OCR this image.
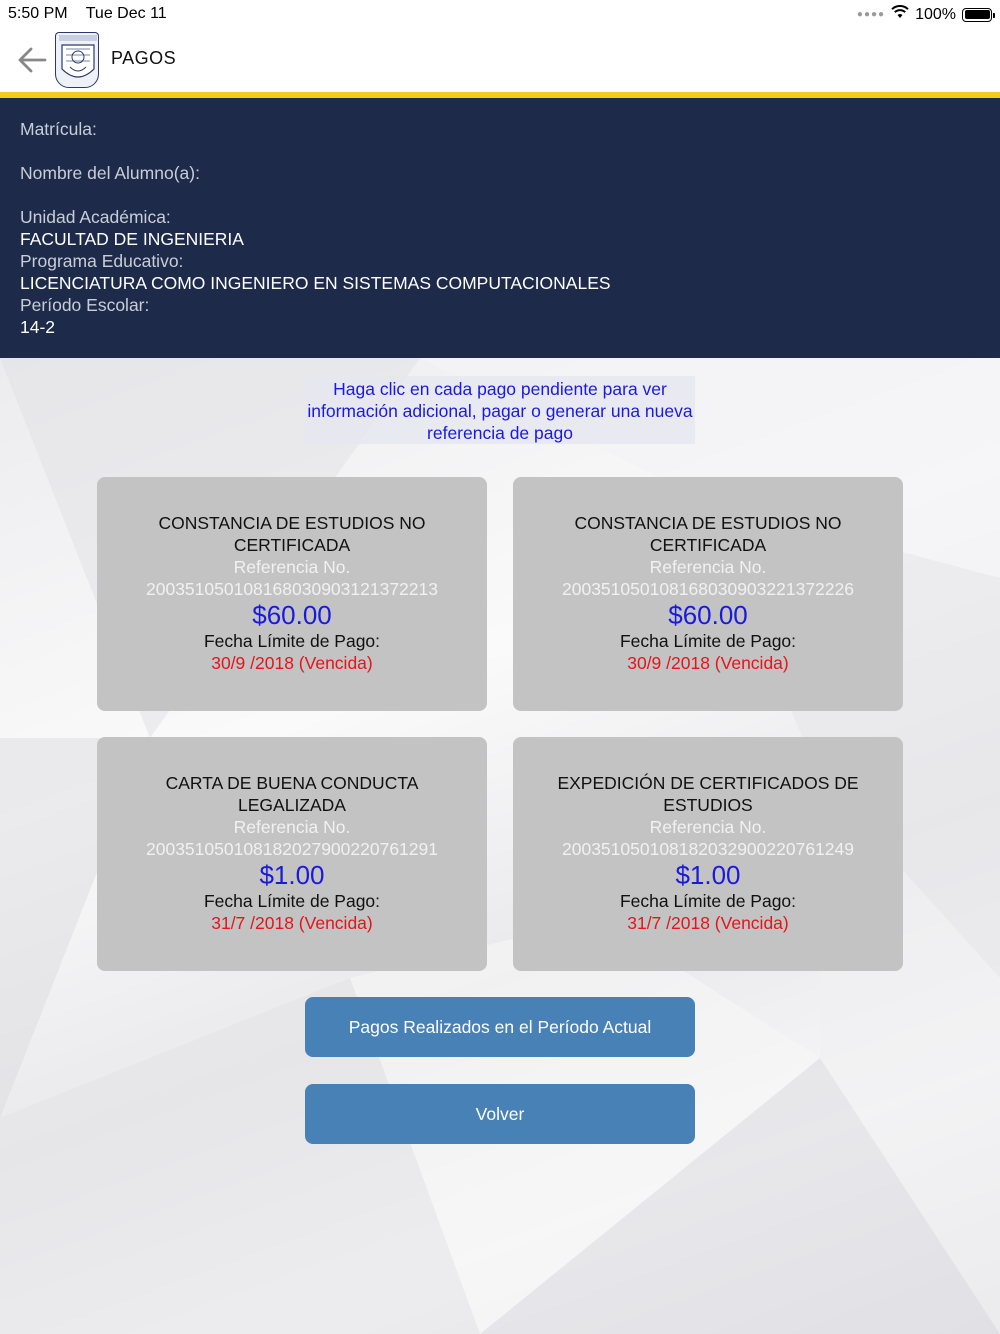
5:50 PM Tue Dec 11	●●●● 100%
PAGOS
Matrícula:
Nombre del Alumno(a):
Unidad Académica:
FACULTAD DE INGENIERIA
Programa Educativo:
LICENCIATURA COMO INGENIERO EN SISTEMAS COMPUTACIONALES
Período Escolar:
14-2
Haga clic en cada pago pendiente para ver información adicional, pagar o generar una nueva referencia de pago
CONSTANCIA DE ESTUDIOS NO CERTIFICADA
Referencia No.
2003510501081680309031213722​13
$60.00
Fecha Límite de Pago:
30/9 /2018 (Vencida)
CONSTANCIA DE ESTUDIOS NO CERTIFICADA
Referencia No.
200351050108168030903221372226
$60.00
Fecha Límite de Pago:
30/9 /2018 (Vencida)
CARTA DE BUENA CONDUCTA LEGALIZADA
Referencia No.
200351050108182027900220761291
$1.00
Fecha Límite de Pago:
31/7 /2018 (Vencida)
EXPEDICIÓN DE CERTIFICADOS DE ESTUDIOS
Referencia No.
200351050108182032900220761249
$1.00
Fecha Límite de Pago:
31/7 /2018 (Vencida)
Pagos Realizados en el Período Actual
Volver
